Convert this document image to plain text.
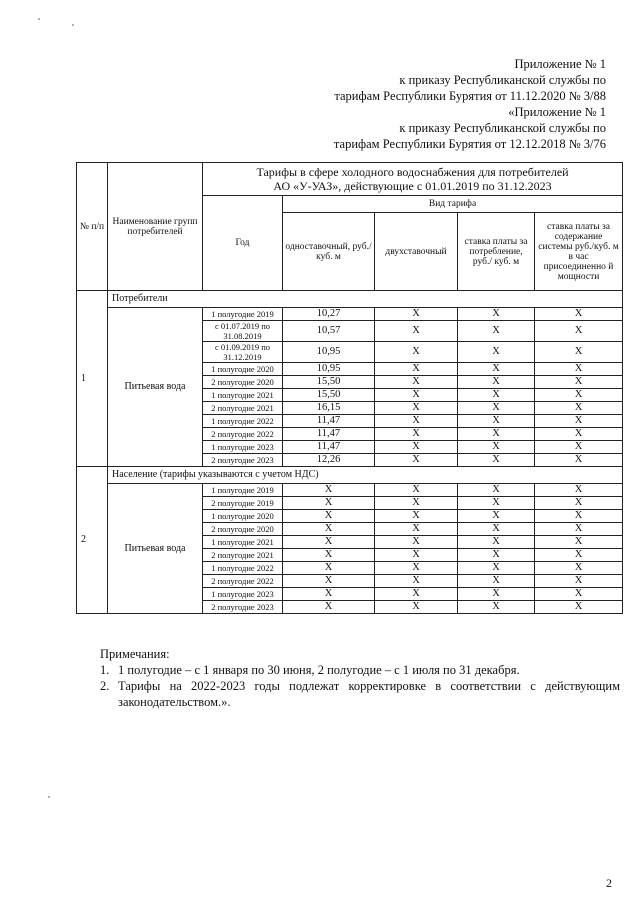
Приложение № 1
к приказу Республиканской службы по
тарифам Республики Бурятия от 11.12.2020 № 3/88
«Приложение № 1
к приказу Республиканской службы по
тарифам Республики Бурятия от 12.12.2018 № 3/76
№ п/п	Наименование групп потребителей	Тарифы в сфере холодного водоснабжения для потребителей
АО «У-УАЗ», действующие с 01.01.2019 по 31.12.2023				

		Год	Вид тарифа			
			одноставочный, руб./ куб. м	двухставочный	ставка платы за потребление, руб./ куб. м	ставка платы за содержание системы руб./куб. м в час присоединенно й мощности
1	Потребители					
	Питьевая вода	1 полугодие 2019	10,27	X	X	X
		с 01.07.2019 по 31.08.2019	10,57	X	X	X
		с 01.09.2019 по 31.12.2019	10,95	X	X	X
		1 полугодие 2020	10,95	X	X	X
		2 полугодие 2020	15,50	X	X	X
		1 полугодие 2021	15,50	X	X	X
		2 полугодие 2021	16,15	X	X	X
		1 полугодие 2022	11,47	X	X	X
		2 полугодие 2022	11,47	X	X	X
		1 полугодие 2023	11,47	X	X	X
		2 полугодие 2023	12,26	X	X	X
2	Население (тарифы указываются с учетом НДС)					
	Питьевая вода	1 полугодие 2019	X	X	X	X
		2 полугодие 2019	X	X	X	X
		1 полугодие 2020	X	X	X	X
		2 полугодие 2020	X	X	X	X
		1 полугодие 2021	X	X	X	X
		2 полугодие 2021	X	X	X	X
		1 полугодие 2022	X	X	X	X
		2 полугодие 2022	X	X	X	X
		1 полугодие 2023	X	X	X	X
		2 полугодие 2023	X	X	X	X
Примечания:
1. 1 полугодие – с 1 января по 30 июня, 2 полугодие – с 1 июля по 31 декабря.
2. Тарифы на 2022-2023 годы подлежат корректировке в соответствии с действующим законодательством.».
2
